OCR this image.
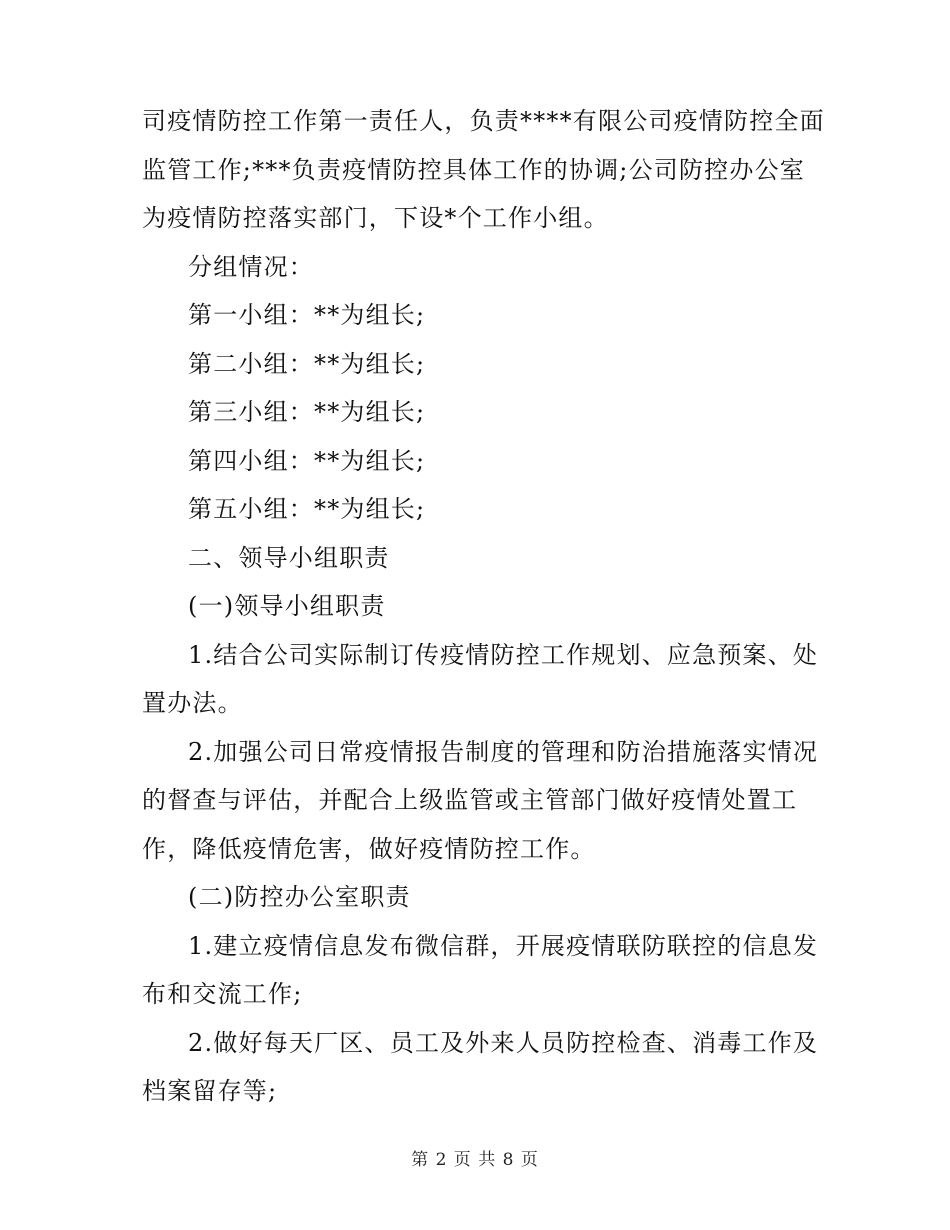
司疫情防控工作第一责任人，负责****有限公司疫情防控全面
监管工作;***负责疫情防控具体工作的协调;公司防控办公室
为疫情防控落实部门，下设*个工作小组。
分组情况：
第一小组：**为组长;
第二小组：**为组长;
第三小组：**为组长;
第四小组：**为组长;
第五小组：**为组长;
二、领导小组职责
(一)领导小组职责
1.结合公司实际制订传疫情防控工作规划、应急预案、处
置办法。
2.加强公司日常疫情报告制度的管理和防治措施落实情况
的督查与评估，并配合上级监管或主管部门做好疫情处置工
作，降低疫情危害，做好疫情防控工作。
(二)防控办公室职责
1.建立疫情信息发布微信群，开展疫情联防联控的信息发
布和交流工作;
2.做好每天厂区、员工及外来人员防控检查、消毒工作及
档案留存等;
第 2 页 共 8 页
